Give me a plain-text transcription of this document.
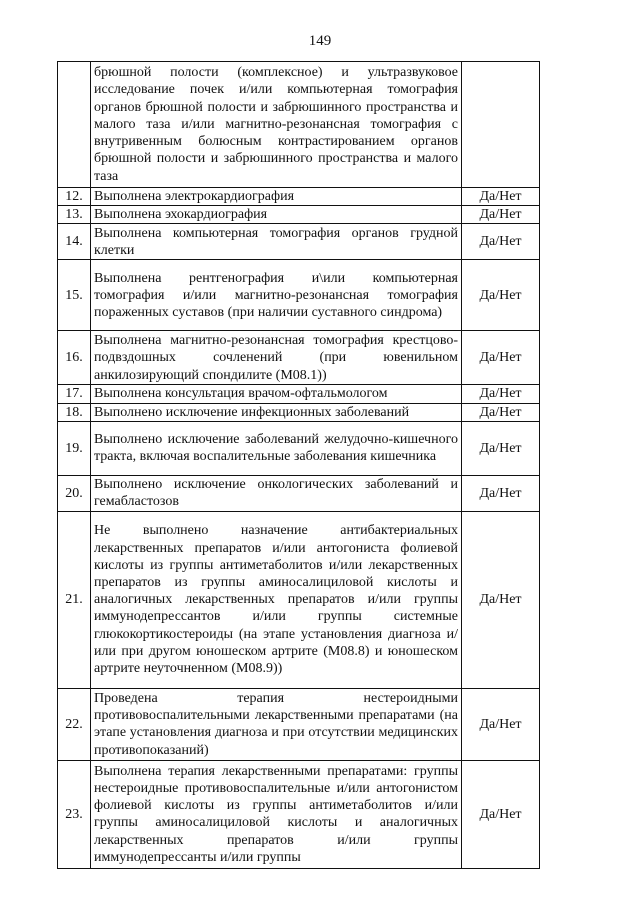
149
	брюшной полости (комплексное) и ультразвуковое исследование почек и/или компьютерная томография органов брюшной полости и забрюшинного пространства и малого таза и/или магнитно-резонансная томография с внутривенным болюсным контрастированием органов брюшной полости и забрюшинного пространства и малого таза	
12.	Выполнена электрокардиография	Да/Нет
13.	Выполнена эхокардиография	Да/Нет
14.	Выполнена компьютерная томография органов грудной клетки	Да/Нет
15.	Выполнена рентгенография и\или компьютерная томография и/или магнитно-резонансная томография пораженных суставов (при наличии суставного синдрома)	Да/Нет
16.	Выполнена магнитно-резонансная томография крестцово-подвздошных сочленений (при ювенильном анкилозирующий спондилите (М08.1))	Да/Нет
17.	Выполнена консультация врачом-офтальмологом	Да/Нет
18.	Выполнено исключение инфекционных заболеваний	Да/Нет
19.	Выполнено исключение заболеваний желудочно-кишечного тракта, включая воспалительные заболевания кишечника	Да/Нет
20.	Выполнено исключение онкологических заболеваний и гемабластозов	Да/Нет
21.	Не выполнено назначение антибактериальных лекарственных препаратов и/или антогониста фолиевой кислоты из группы антиметаболитов и/или лекарственных препаратов из группы аминосалициловой кислоты и аналогичных лекарственных препаратов и/или группы иммунодепрессантов и/или группы системные глюкокортикостероиды (на этапе установления диагноза и/или при другом юношеском артрите (М08.8) и юношеском артрите неуточненном (М08.9))	Да/Нет
22.	Проведена терапия нестероидными противовоспалительными лекарственными препаратами (на этапе установления диагноза и при отсутствии медицинских противопоказаний)	Да/Нет
23.	Выполнена терапия лекарственными препаратами: группы нестероидные противовоспалительные и/или антогонистом фолиевой кислоты из группы антиметаболитов и/или группы аминосалициловой кислоты и аналогичных лекарственных препаратов и/или группы иммунодепрессанты и/или группы	Да/Нет
